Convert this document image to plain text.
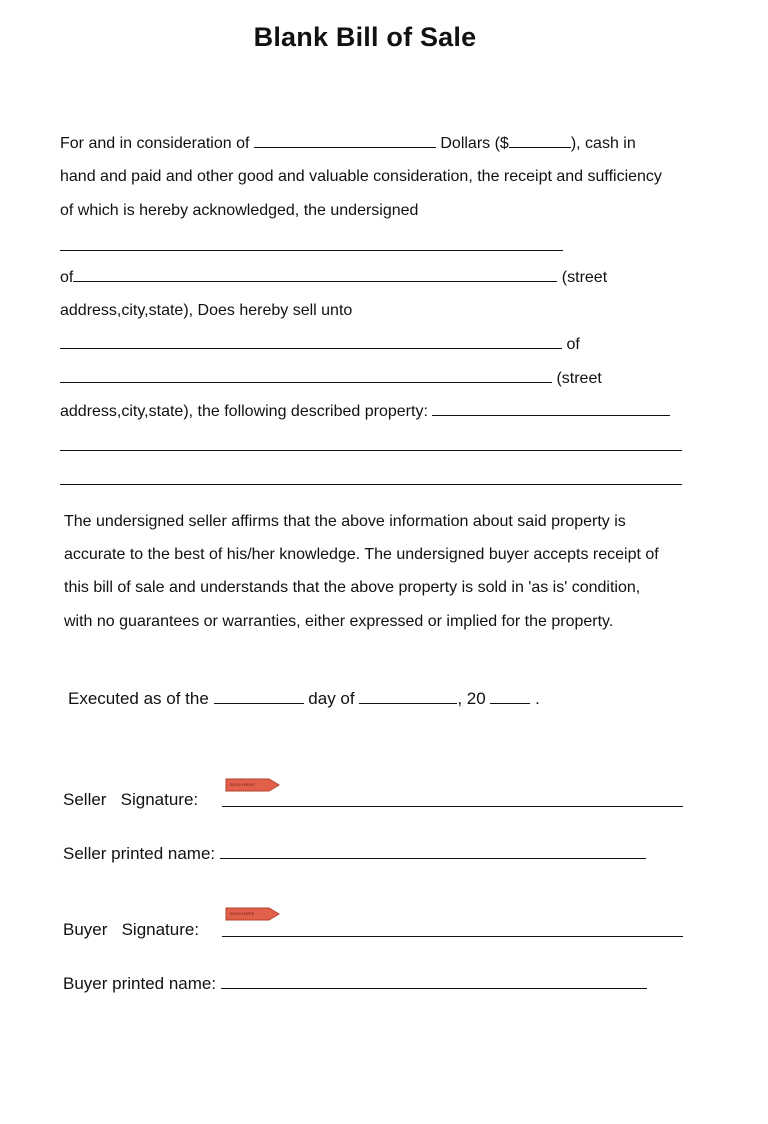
Blank Bill of Sale
For and in consideration of	Dollars ($	), cash in
hand and paid and other good and valuable consideration, the receipt and sufficiency
of which is hereby acknowledged, the undersigned
of	(street
address,city,state), Does hereby sell unto
of
(street
address,city,state), the following described property:
The undersigned seller affirms that the above information about said property is
accurate to the best of his/her knowledge. The undersigned buyer accepts receipt of
this bill of sale and understands that the above property is sold in 'as is' condition,
with no guarantees or warranties, either expressed or implied for the property.
Executed as of the	day of	, 20	.
SIGN HERE
Seller   Signature:
Seller printed name:
SIGN HERE
Buyer   Signature:
Buyer printed name:
